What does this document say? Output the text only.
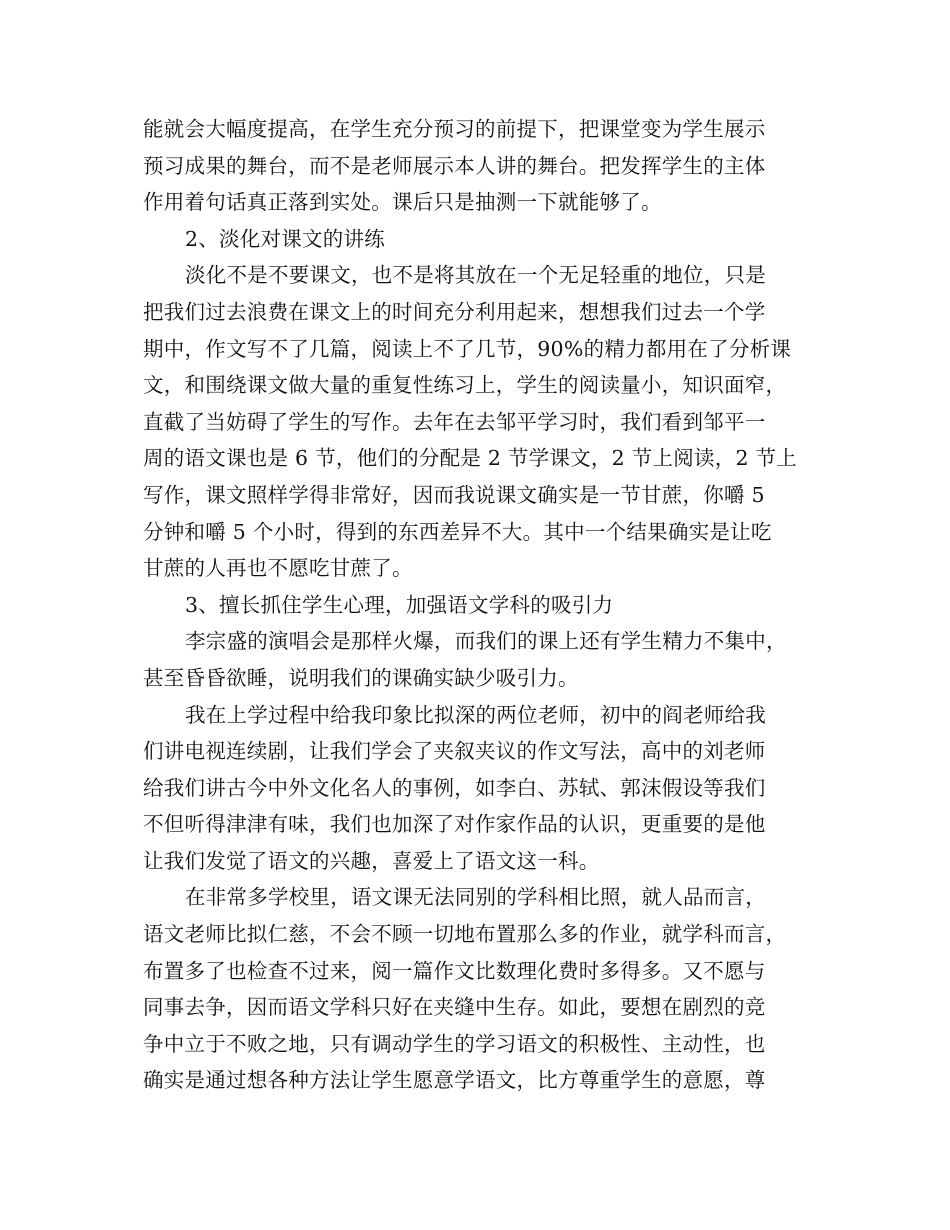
能就会大幅度提高，在学生充分预习的前提下，把课堂变为学生展示
预习成果的舞台，而不是老师展示本人讲的舞台。把发挥学生的主体
作用着句话真正落到实处。课后只是抽测一下就能够了。
2、淡化对课文的讲练
淡化不是不要课文，也不是将其放在一个无足轻重的地位，只是
把我们过去浪费在课文上的时间充分利用起来，想想我们过去一个学
期中，作文写不了几篇，阅读上不了几节，90%的精力都用在了分析课
文，和围绕课文做大量的重复性练习上，学生的阅读量小，知识面窄，
直截了当妨碍了学生的写作。去年在去邹平学习时，我们看到邹平一
周的语文课也是 6 节，他们的分配是 2 节学课文，2 节上阅读，2 节上
写作，课文照样学得非常好，因而我说课文确实是一节甘蔗，你嚼 5
分钟和嚼 5 个小时，得到的东西差异不大。其中一个结果确实是让吃
甘蔗的人再也不愿吃甘蔗了。
3、擅长抓住学生心理，加强语文学科的吸引力
李宗盛的演唱会是那样火爆，而我们的课上还有学生精力不集中，
甚至昏昏欲睡，说明我们的课确实缺少吸引力。
我在上学过程中给我印象比拟深的两位老师，初中的阎老师给我
们讲电视连续剧，让我们学会了夹叙夹议的作文写法，高中的刘老师
给我们讲古今中外文化名人的事例，如李白、苏轼、郭沫假设等我们
不但听得津津有味，我们也加深了对作家作品的认识，更重要的是他
让我们发觉了语文的兴趣，喜爱上了语文这一科。
在非常多学校里，语文课无法同别的学科相比照，就人品而言，
语文老师比拟仁慈，不会不顾一切地布置那么多的作业，就学科而言，
布置多了也检查不过来，阅一篇作文比数理化费时多得多。又不愿与
同事去争，因而语文学科只好在夹缝中生存。如此，要想在剧烈的竞
争中立于不败之地，只有调动学生的学习语文的积极性、主动性，也
确实是通过想各种方法让学生愿意学语文，比方尊重学生的意愿，尊
